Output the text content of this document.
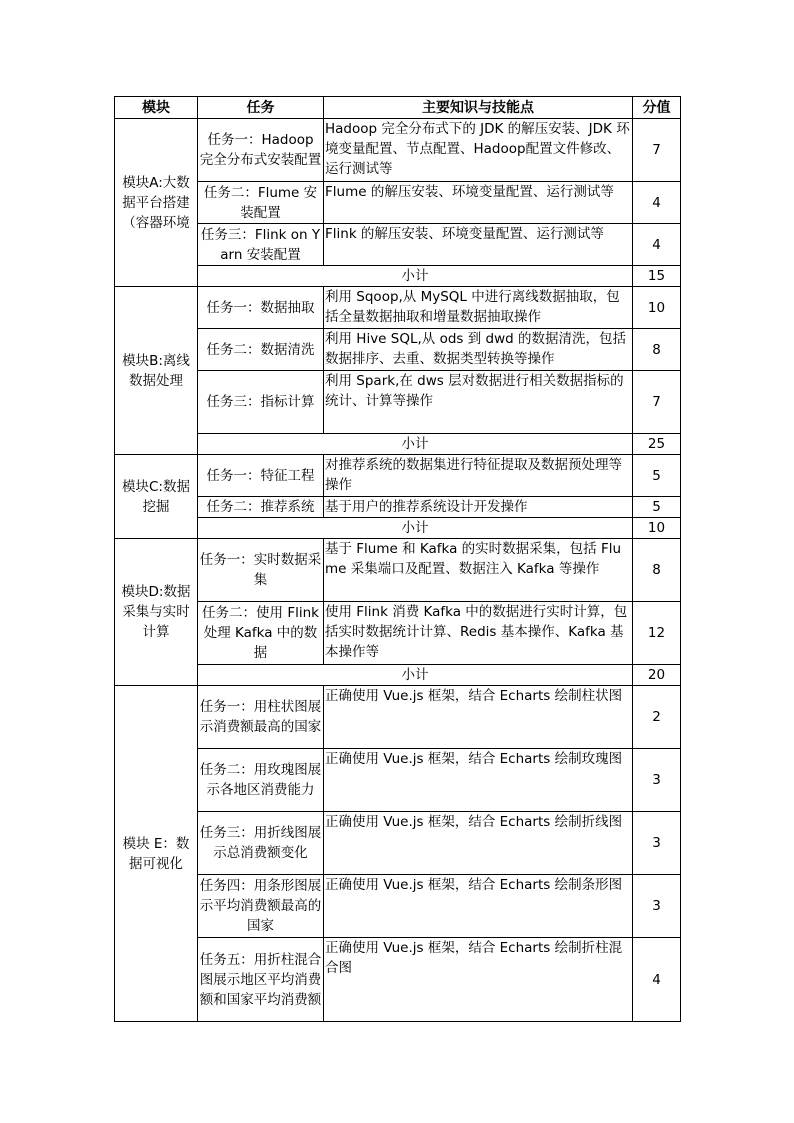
模块	任务	主要知识与技能点	分值
模块A:大数据平台搭建（容器环境	任务一：Hadoop 完全分布式安装配置	Hadoop 完全分布式下的 JDK 的解压安装、JDK 环境变量配置、节点配置、Hadoop配置文件修改、运行测试等	7
	任务二：Flume 安装配置	Flume 的解压安装、环境变量配置、运行测试等	4
	任务三：Flink on Yarn 安装配置	Flink 的解压安装、环境变量配置、运行测试等	4
	小计		15
模块B:离线数据处理	任务一：数据抽取	利用 Sqoop,从 MySQL 中进行离线数据抽取，包括全量数据抽取和增量数据抽取操作	10
	任务二：数据清洗	利用 Hive SQL,从 ods 到 dwd 的数据清洗，包括数据排序、去重、数据类型转换等操作	8
	任务三：指标计算	利用 Spark,在 dws 层对数据进行相关数据指标的统计、计算等操作	7
	小计		25
模块C:数据挖掘	任务一：特征工程	对推荐系统的数据集进行特征提取及数据预处理等操作	5
	任务二：推荐系统	基于用户的推荐系统设计开发操作	5
	小计		10
模块D:数据采集与实时计算	任务一：实时数据采集	基于 Flume 和 Kafka 的实时数据采集，包括 Flume 采集端口及配置、数据注入 Kafka 等操作	8
	任务二：使用 Flink 处理 Kafka 中的数据	使用 Flink 消费 Kafka 中的数据进行实时计算，包括实时数据统计计算、Redis 基本操作、Kafka 基本操作等	12
	小计		20
模块 E：数据可视化	任务一：用柱状图展示消费额最高的国家	正确使用 Vue.js 框架，结合 Echarts 绘制柱状图	2
	任务二：用玫瑰图展示各地区消费能力	正确使用 Vue.js 框架，结合 Echarts 绘制玫瑰图	3
	任务三：用折线图展示总消费额变化	正确使用 Vue.js 框架，结合 Echarts 绘制折线图	3
	任务四：用条形图展示平均消费额最高的国家	正确使用 Vue.js 框架，结合 Echarts 绘制条形图	3
	任务五：用折柱混合图展示地区平均消费额和国家平均消费额	正确使用 Vue.js 框架，结合 Echarts 绘制折柱混合图	4
